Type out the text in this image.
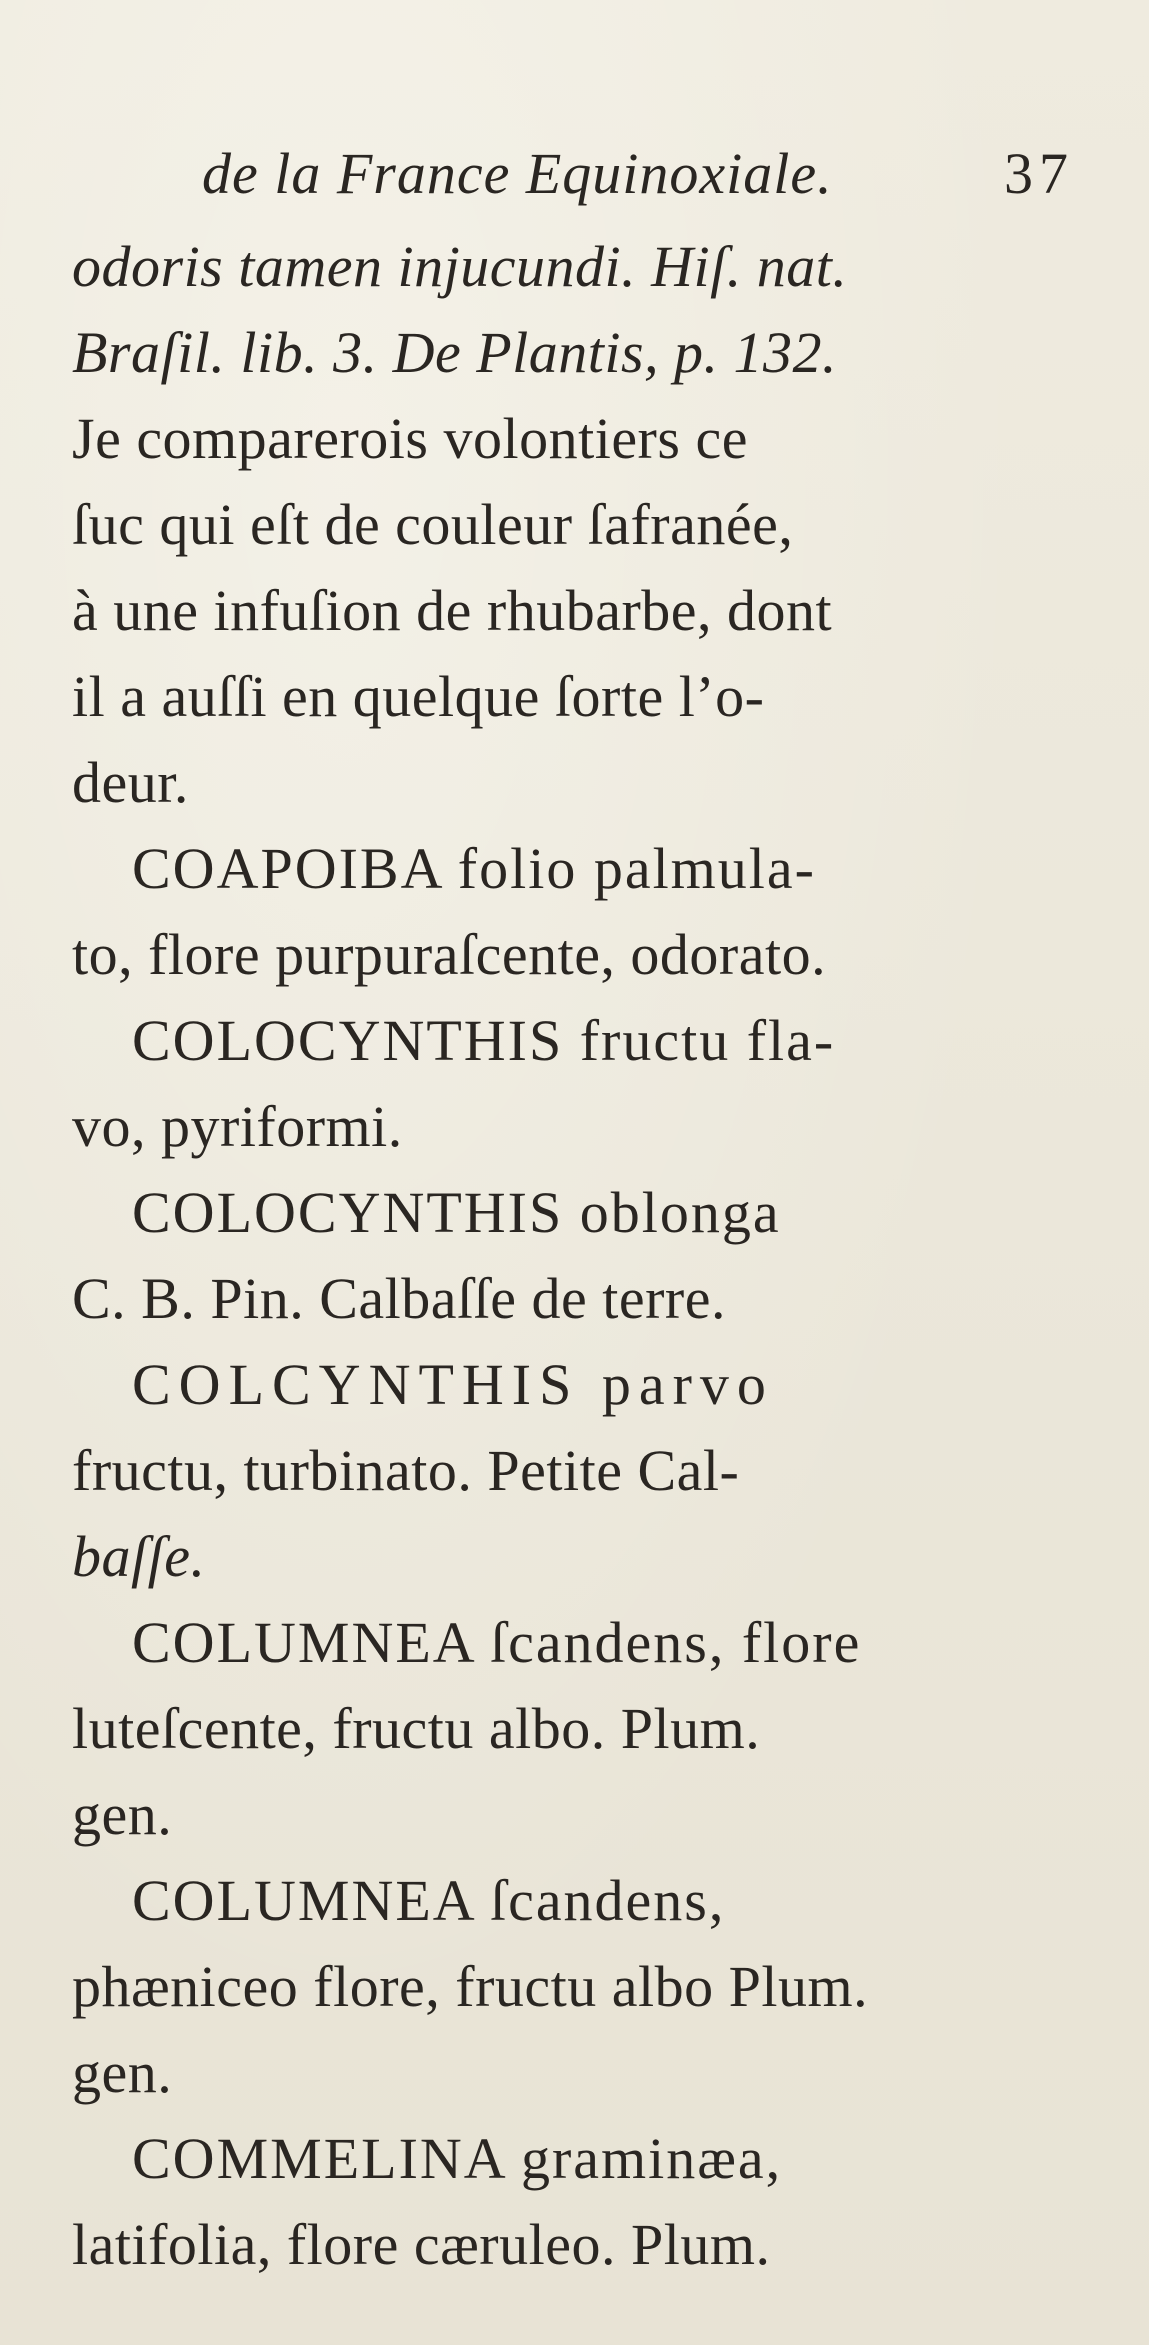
de la France Equinoxiale.	37
odoris tamen injucundi. Hiſ. nat.
Braſil. lib. 3. De Plantis, p. 132.
Je comparerois volontiers ce
ſuc qui eſt de couleur ſafranée,
à une infuſion de rhubarbe, dont
il a auſſi en quelque ſorte l’o-
deur.
COAPOIBA folio palmula-
to, flore purpuraſcente, odorato.
COLOCYNTHIS fructu fla-
vo, pyriformi.
COLOCYNTHIS oblonga
C. B. Pin. Calbaſſe de terre.
COLCYNTHIS parvo
fructu, turbinato. Petite Cal-
baſſe.
COLUMNEA ſcandens, flore
luteſcente, fructu albo. Plum.
gen.
COLUMNEA ſcandens,
phæniceo flore, fructu albo Plum.
gen.
COMMELINA graminæa,
latifolia, flore cæruleo. Plum.
